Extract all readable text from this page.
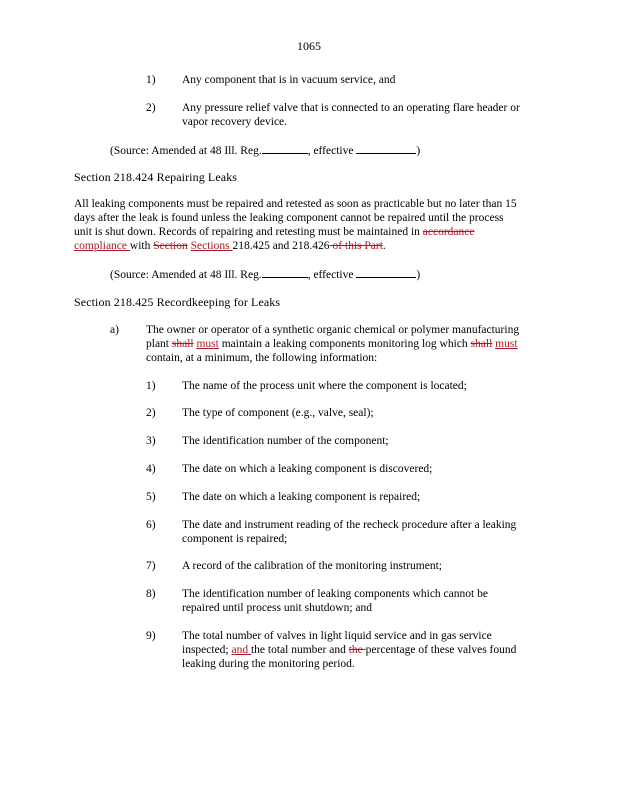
1065
1)	Any component that is in vacuum service, and
2)	Any pressure relief valve that is connected to an operating flare header or
vapor recovery device.
(Source: Amended at 48 Ill. Reg.	, effective	)
Section 218.424 Repairing Leaks
All leaking components must be repaired and retested as soon as practicable but no later than 15
days after the leak is found unless the leaking component cannot be repaired until the process
unit is shut down. Records of repairing and retesting must be maintained in accordance
compliance with Section Sections 218.425 and 218.426 of this Part.
(Source: Amended at 48 Ill. Reg.	, effective	)
Section 218.425 Recordkeeping for Leaks
a)	The owner or operator of a synthetic organic chemical or polymer manufacturing
plant shall must maintain a leaking components monitoring log which shall must
contain, at a minimum, the following information:
1)	The name of the process unit where the component is located;
2)	The type of component (e.g., valve, seal);
3)	The identification number of the component;
4)	The date on which a leaking component is discovered;
5)	The date on which a leaking component is repaired;
6)	The date and instrument reading of the recheck procedure after a leaking
component is repaired;
7)	A record of the calibration of the monitoring instrument;
8)	The identification number of leaking components which cannot be
repaired until process unit shutdown; and
9)	The total number of valves in light liquid service and in gas service
inspected; and the total number and the percentage of these valves found
leaking during the monitoring period.
